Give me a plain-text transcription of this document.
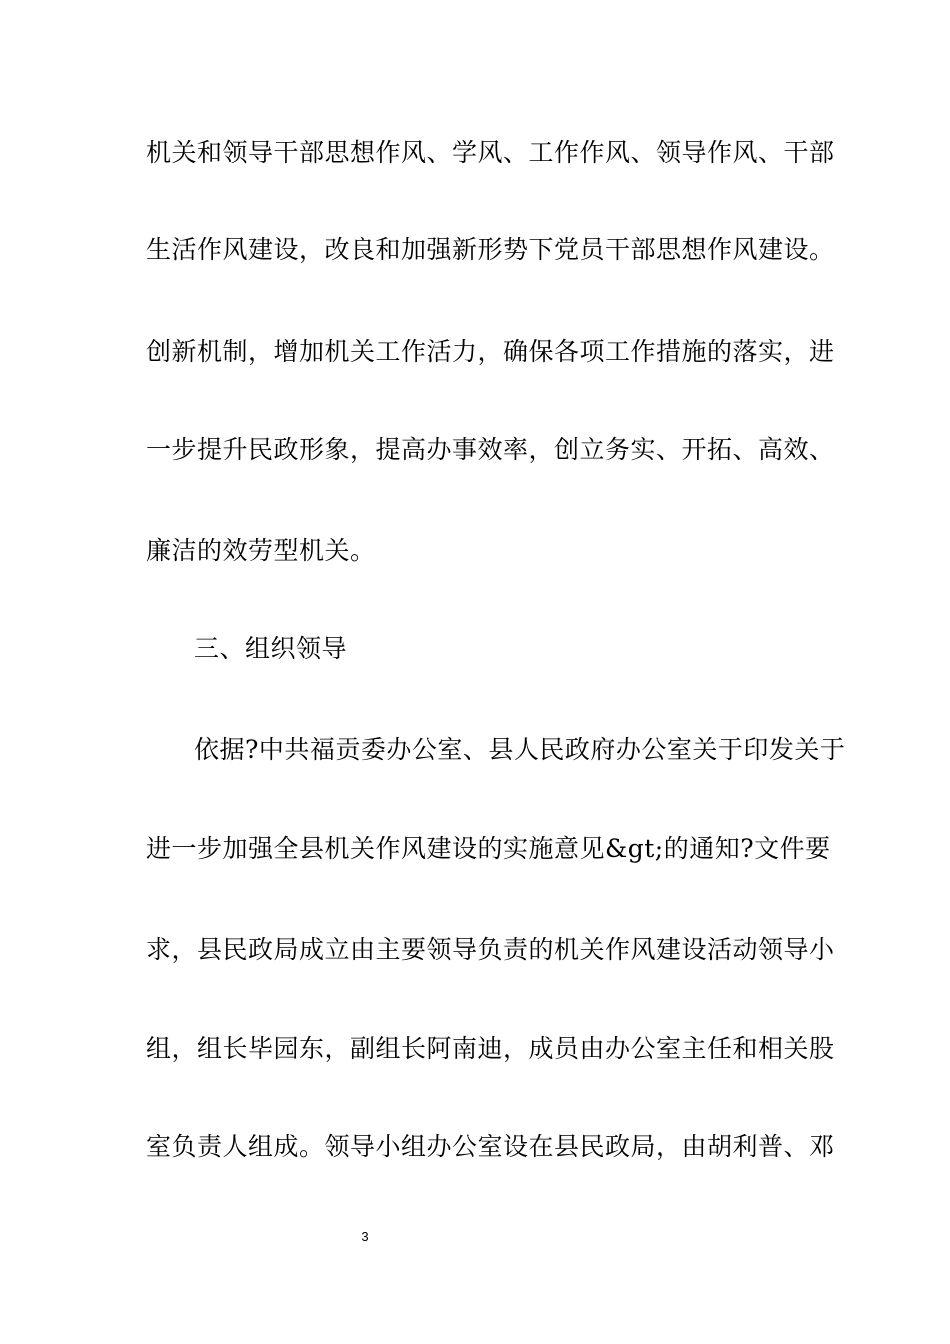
机关和领导干部思想作风、学风、工作作风、领导作风、干部
生活作风建设，改良和加强新形势下党员干部思想作风建设。
创新机制，增加机关工作活力，确保各项工作措施的落实，进
一步提升民政形象，提高办事效率，创立务实、开拓、高效、
廉洁的效劳型机关。
三、组织领导
依据?中共福贡委办公室、县人民政府办公室关于印发关于
进一步加强全县机关作风建设的实施意见&gt;的通知?文件要
求，县民政局成立由主要领导负责的机关作风建设活动领导小
组，组长毕园东，副组长阿南迪，成员由办公室主任和相关股
室负责人组成。领导小组办公室设在县民政局，由胡利普、邓
3
